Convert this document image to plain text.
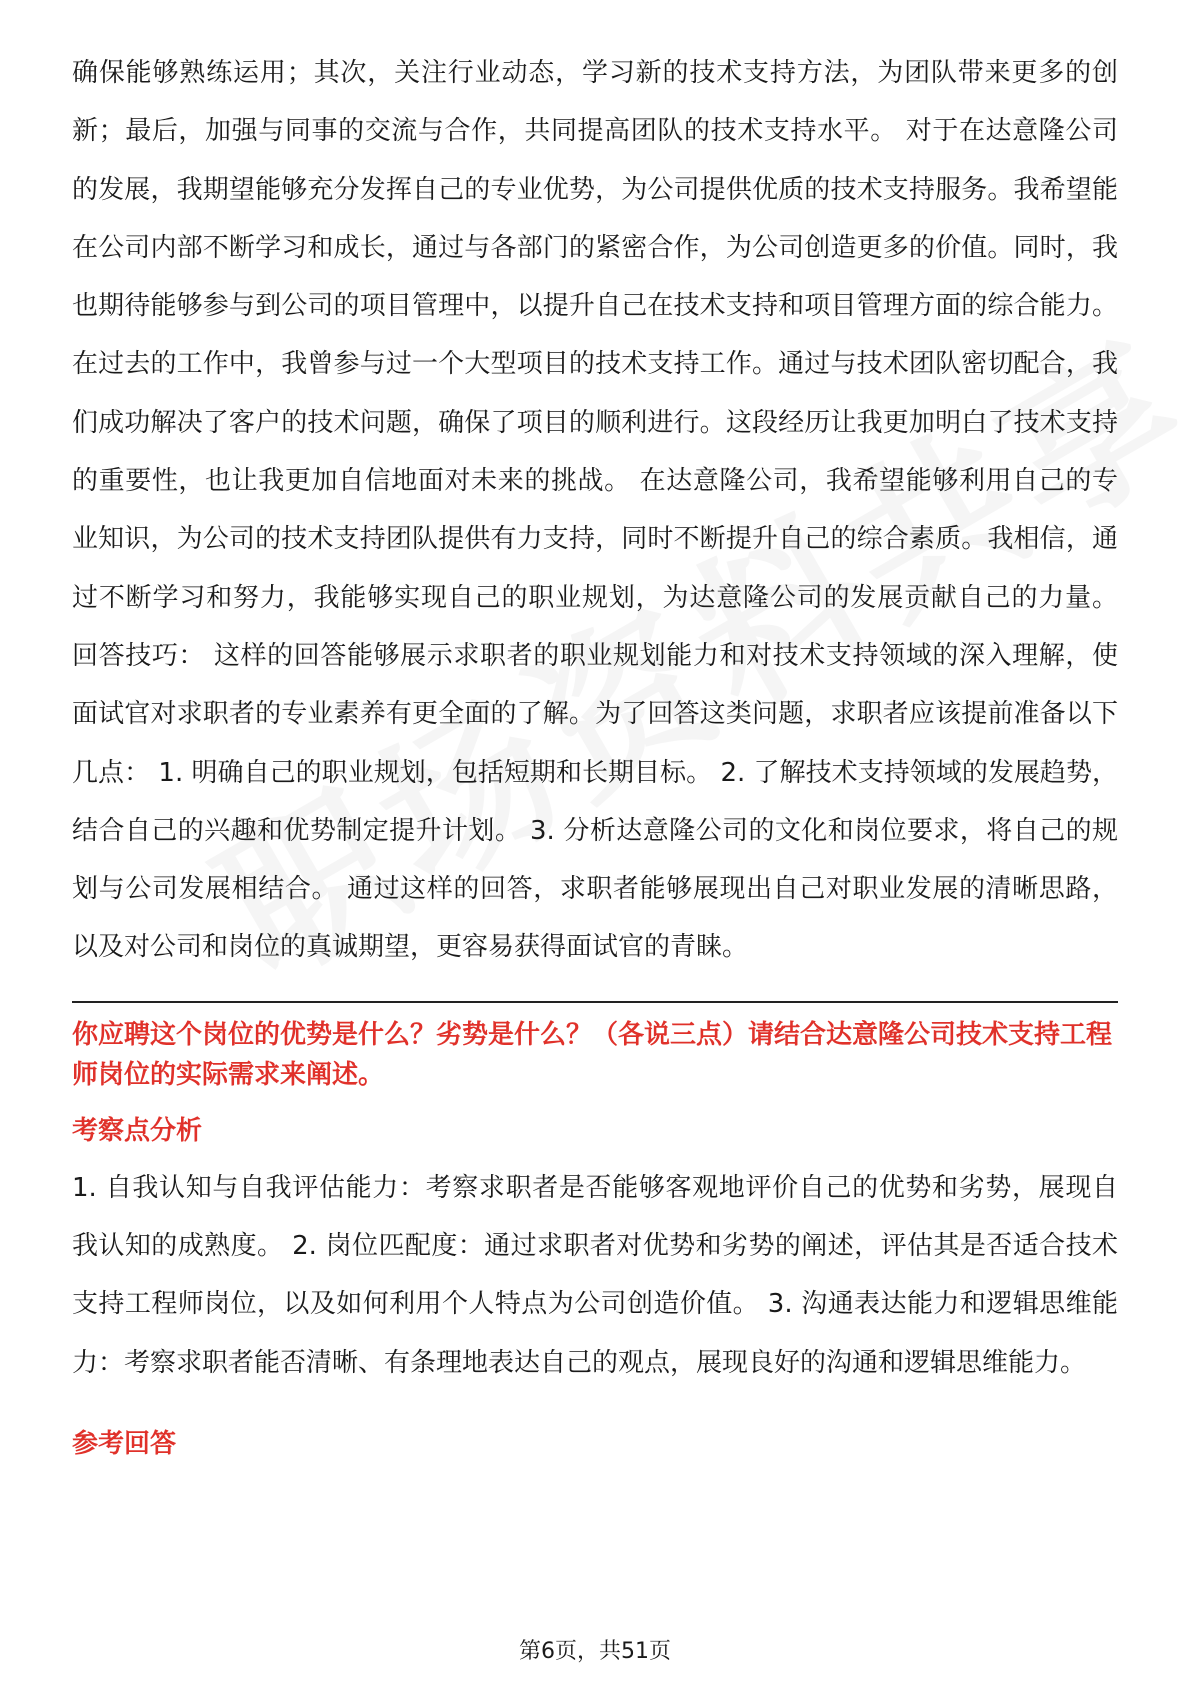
确保能够熟练运用；其次，关注行业动态，学习新的技术支持方法，为团队带来更多的创新；最后，加强与同事的交流与合作，共同提高团队的技术支持水平。 对于在达意隆公司的发展，我期望能够充分发挥自己的专业优势，为公司提供优质的技术支持服务。我希望能在公司内部不断学习和成长，通过与各部门的紧密合作，为公司创造更多的价值。同时，我也期待能够参与到公司的项目管理中，以提升自己在技术支持和项目管理方面的综合能力。 在过去的工作中，我曾参与过一个大型项目的技术支持工作。通过与技术团队密切配合，我们成功解决了客户的技术问题，确保了项目的顺利进行。这段经历让我更加明白了技术支持的重要性，也让我更加自信地面对未来的挑战。 在达意隆公司，我希望能够利用自己的专业知识，为公司的技术支持团队提供有力支持，同时不断提升自己的综合素质。我相信，通过不断学习和努力，我能够实现自己的职业规划，为达意隆公司的发展贡献自己的力量。 回答技巧： 这样的回答能够展示求职者的职业规划能力和对技术支持领域的深入理解，使面试官对求职者的专业素养有更全面的了解。为了回答这类问题，求职者应该提前准备以下几点： 1. 明确自己的职业规划，包括短期和长期目标。 2. 了解技术支持领域的发展趋势，结合自己的兴趣和优势制定提升计划。 3. 分析达意隆公司的文化和岗位要求，将自己的规划与公司发展相结合。 通过这样的回答，求职者能够展现出自己对职业发展的清晰思路，以及对公司和岗位的真诚期望，更容易获得面试官的青睐。

你应聘这个岗位的优势是什么？劣势是什么？（各说三点）请结合达意隆公司技术支持工程师岗位的实际需求来阐述。

考察点分析

1. 自我认知与自我评估能力：考察求职者是否能够客观地评价自己的优势和劣势，展现自我认知的成熟度。 2. 岗位匹配度：通过求职者对优势和劣势的阐述，评估其是否适合技术支持工程师岗位，以及如何利用个人特点为公司创造价值。 3. 沟通表达能力和逻辑思维能力：考察求职者能否清晰、有条理地表达自己的观点，展现良好的沟通和逻辑思维能力。

参考回答

第6页，共51页
